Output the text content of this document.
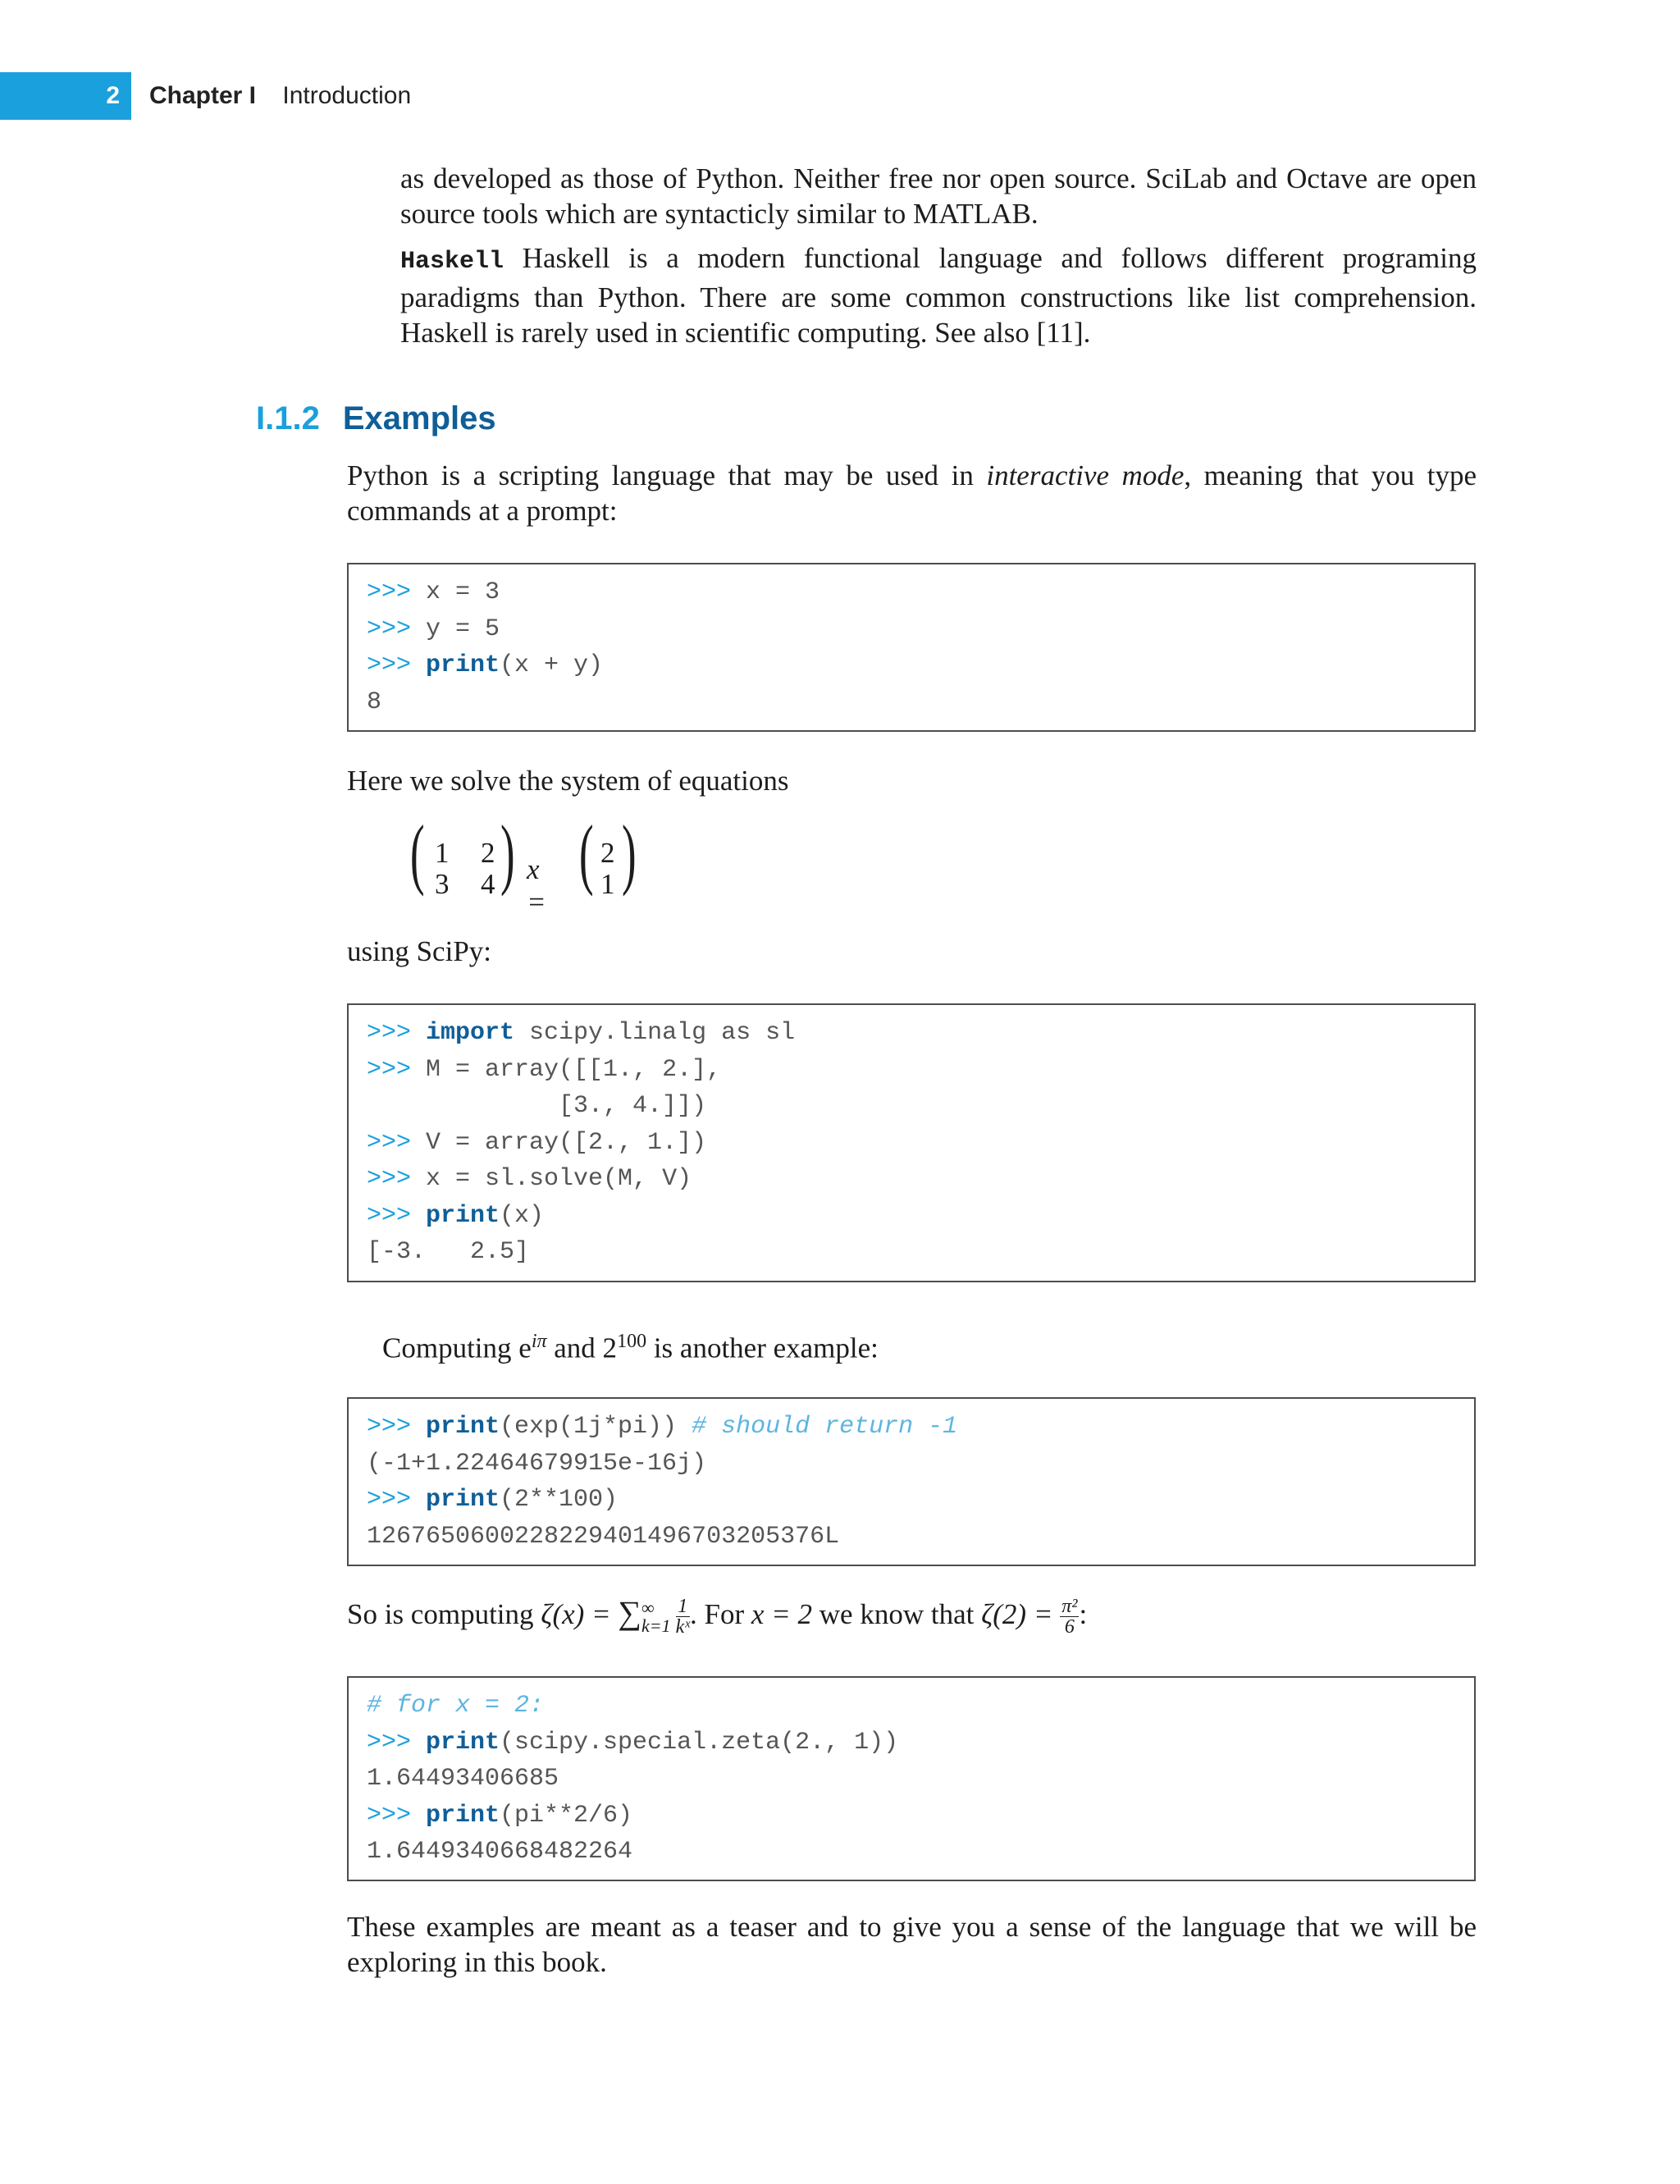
2	Chapter I Introduction

as developed as those of Python. Neither free nor open source. SciLab and Octave are open source tools which are syntacticly similar to MATLAB.

Haskell Haskell is a modern functional language and follows different programing paradigms than Python. There are some common constructions like list comprehension. Haskell is rarely used in scientific computing. See also [11].

I.1.2 Examples

Python is a scripting language that may be used in interactive mode, meaning that you type commands at a prompt:

>>> x = 3
>>> y = 5
>>> print(x + y)
8

Here we solve the system of equations

( 1 2
3 4 ) x =
( 2
1 )

using SciPy:

>>> import scipy.linalg as sl
>>> M = array([[1., 2.],
[3., 4.]])
>>> V = array([2., 1.])
>>> x = sl.solve(M, V)
>>> print(x)
[-3.   2.5]

Computing $e^{i\pi}$ and $2^{100}$ is another example:

>>> print(exp(1j*pi)) # should return -1
(-1+1.22464679915e-16j)
>>> print(2**100)
1267650600228229401496703205376L

So is computing ζ(x) = ∑ ∞
$k=1 \frac{1}{\text{kˣ}}$ . For x = 2 we know that $\zeta(2) = \frac{\text{π²}}{6}$ :

# for x = 2:
>>> print(scipy.special.zeta(2., 1))
1.64493406685
>>> print(pi**2/6)
1.6449340668482264

These examples are meant as a teaser and to give you a sense of the language that we will be exploring in this book.
